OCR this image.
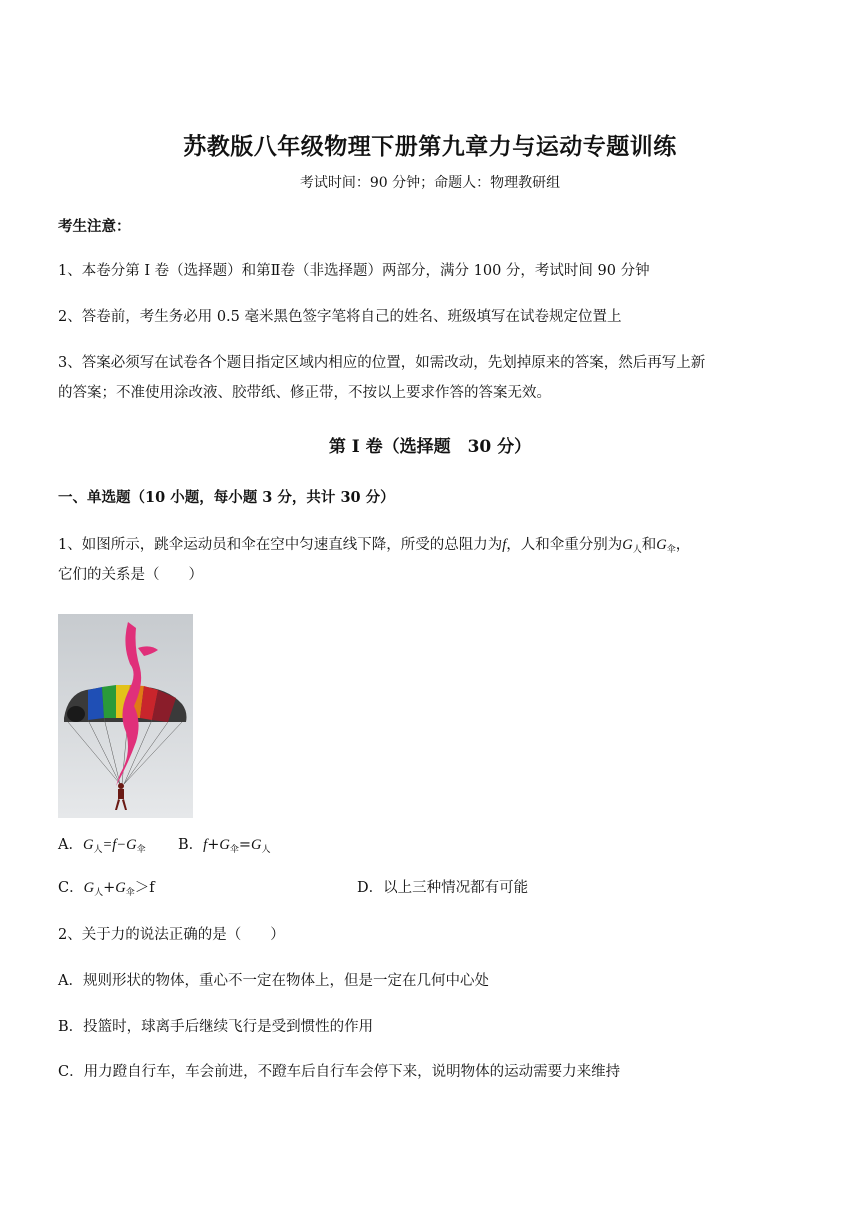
苏教版八年级物理下册第九章力与运动专题训练
考试时间：90 分钟；命题人：物理教研组
考生注意：
1、本卷分第 I 卷（选择题）和第Ⅱ卷（非选择题）两部分，满分 100 分，考试时间 90 分钟
2、答卷前，考生务必用 0.5 毫米黑色签字笔将自己的姓名、班级填写在试卷规定位置上
3、答案必须写在试卷各个题目指定区域内相应的位置，如需改动，先划掉原来的答案，然后再写上新
的答案；不准使用涂改液、胶带纸、修正带，不按以上要求作答的答案无效。
第 I 卷（选择题　30 分）
一、单选题（10 小题，每小题 3 分，共计 30 分）
1、如图所示，跳伞运动员和伞在空中匀速直线下降，所受的总阻力为f，人和伞重分别为$G_人$和$G_伞$，
它们的关系是（　　）
A．$G_人=f-G_伞$ B．$f+G_伞=G_人$
C．$G_人+G_伞>f$	D．以上三种情况都有可能
2、关于力的说法正确的是（　　）
A．规则形状的物体，重心不一定在物体上，但是一定在几何中心处
B．投篮时，球离手后继续飞行是受到惯性的作用
C．用力蹬自行车，车会前进，不蹬车后自行车会停下来，说明物体的运动需要力来维持
